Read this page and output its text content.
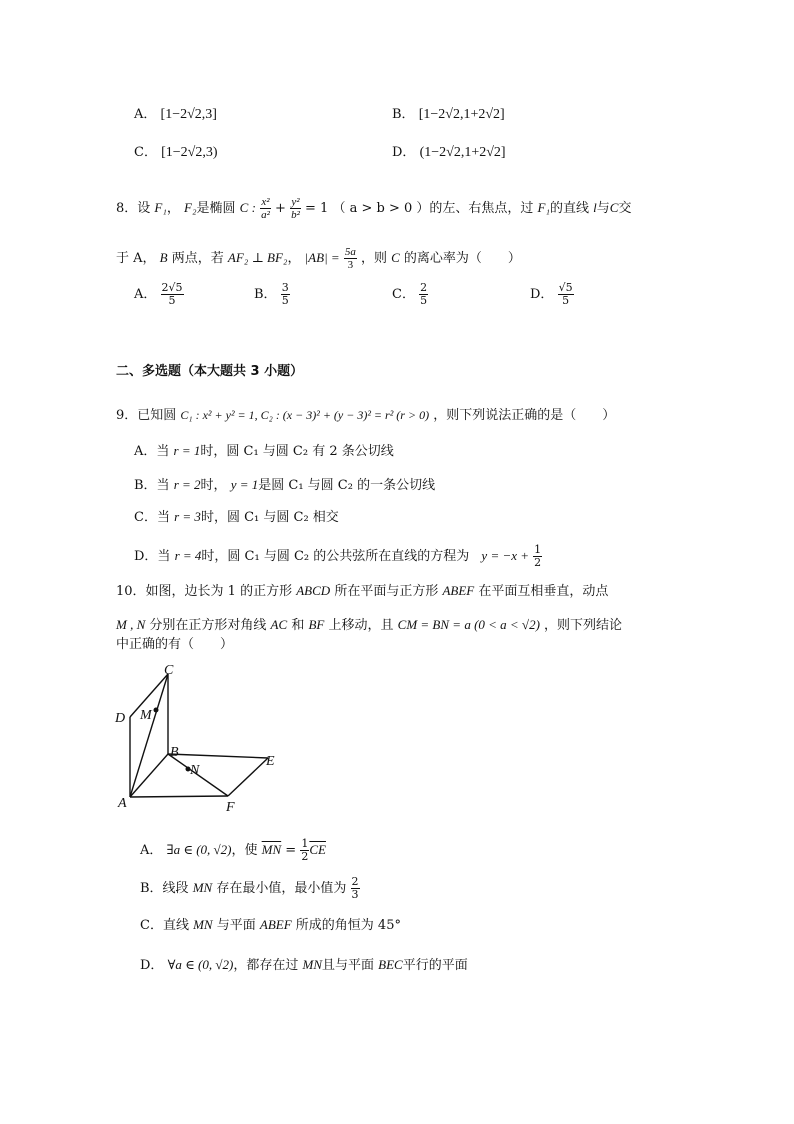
A． [1−2√2,3]	B． [1−2√2,1+2√2]
C． [1−2√2,3)	D． (1−2√2,1+2√2]
8．设 F₁， F₂是椭圆 C : $\frac{\text{x²}}{\text{a²}} + \frac{\text{y²}}{\text{b²}} = 1$ （ a > b > 0 ）的左、右焦点，过 F₁的直线 l与C交
于 A， B 两点，若 AF₂ ⊥ BF₂， $|AB| = \frac{5a}{3}$ ，则 C 的离心率为（　　）
A． $\frac{2√5}{5}$	B． $\frac{3}{5}$	C． $\frac{2}{5}$	D． $\frac{√5}{5}$
二、多选题（本大题共 3 小题）
9．已知圆 C₁ : x² + y² = 1, C₂ : (x − 3)² + (y − 3)² = r² (r > 0) ，则下列说法正确的是（　　）
A．当 r = 1时，圆 C₁ 与圆 C₂ 有 2 条公切线
B．当 r = 2时， y = 1是圆 C₁ 与圆 C₂ 的一条公切线
C．当 r = 3时，圆 C₁ 与圆 C₂ 相交
D．当 r = 4时，圆 C₁ 与圆 C₂ 的公共弦所在直线的方程为 $y = -x + \frac{1}{2}$
10．如图，边长为 1 的正方形 ABCD 所在平面与正方形 ABEF 在平面互相垂直，动点
M , N 分别在正方形对角线 AC 和 BF 上移动，且 CM = BN = a (0 < a < √2) ，则下列结论
中正确的有（　　）
C
D M
B
N
E
A	F
A． ∃a ∈ (0, √2)，使 $\overline{MN} = \frac{1}{2} \overline{CE}$
B．线段 MN 存在最小值，最小值为 $\frac{2}{3}$
C．直线 MN 与平面 ABEF 所成的角恒为 45°
D． ∀a ∈ (0, √2)，都存在过 MN且与平面 BEC平行的平面
